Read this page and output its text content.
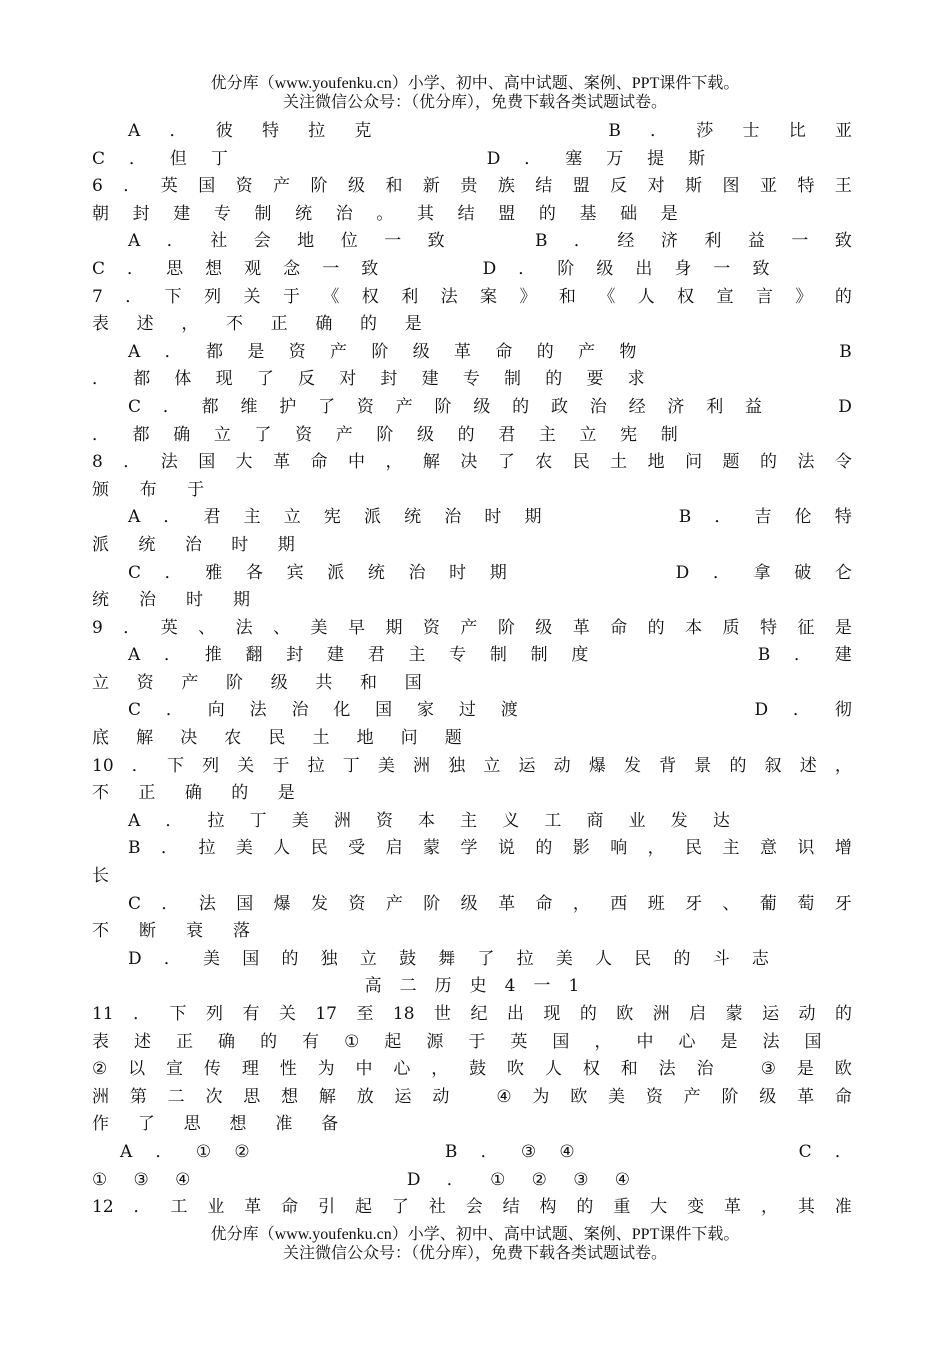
优分库（www.youfenku.cn）小学、初中、高中试题、案例、PPT课件下载。
关注微信公众号：（优分库），免费下载各类试题试卷。
A ． 彼 特 拉 克

	B ． 莎 士 比 亚
C ． 但 丁

	D ． 塞 万 提 斯

6 ． 英 国 资 产 阶 级 和 新 贵 族 结 盟 反 对 斯 图 亚 特 王
朝 封 建 专 制 统 治 。 其 结 盟 的 基 础 是

A ． 社 会 地 位 一 致

	B ． 经 济 利 益 一 致
C ． 思 想 观 念 一 致

	D ． 阶 级 出 身 一 致

7 ． 下 列 关 于 《 权 利 法 案 》 和 《 人 权 宣 言 》 的
表 述 ， 不 正 确 的 是

A ． 都 是 资 产 阶 级 革 命 的 产 物

	B
． 都 体 现 了 反 对 封 建 专 制 的 要 求

C ． 都 维 护 了 资 产 阶 级 的 政 治 经 济 利 益

	D
． 都 确 立 了 资 产 阶 级 的 君 主 立 宪 制

8 ． 法 国 大 革 命 中 ， 解 决 了 农 民 土 地 问 题 的 法 令
颁 布 于

A ． 君 主 立 宪 派 统 治 时 期

	B ． 吉 伦 特
派 统 治 时 期

C ． 雅 各 宾 派 统 治 时 期

	D ． 拿 破 仑
统 治 时 期

9 ． 英 、 法 、 美 早 期 资 产 阶 级 革 命 的 本 质 特 征 是
A ． 推 翻 封 建 君 主 专 制 制 度

	B ． 建
立 资 产 阶 级 共 和 国

C ． 向 法 治 化 国 家 过 渡

	D ． 彻
底 解 决 农 民 土 地 问 题

10 ． 下 列 关 于 拉 丁 美 洲 独 立 运 动 爆 发 背 景 的 叙 述 ，
不 正 确 的 是

A ． 拉 丁 美 洲 资 本 主 义 工 商 业 发 达

B ． 拉 美 人 民 受 启 蒙 学 说 的 影 响 ， 民 主 意 识 增
长

C ． 法 国 爆 发 资 产 阶 级 革 命 ， 西 班 牙 、 葡 萄 牙
不 断 衰 落

D ． 美 国 的 独 立 鼓 舞 了 拉 美 人 民 的 斗 志

高 二 历 史 4 一 1
11 ． 下 列 有 关 17 至 18 世 纪 出 现 的 欧 洲 启 蒙 运 动 的
表 述 正 确 的 有 ① 起 源 于 英 国 ， 中 心 是 法 国

② 以 宣 传 理 性 为 中 心 ， 鼓 吹 人 权 和 法 治
	③ 是 欧
洲 第 二 次 思 想 解 放 运 动
	④ 为 欧 美 资 产 阶 级 革 命
作 了 思 想 准 备

A ． ① ②

	B ． ③ ④

	C ．
① ③ ④

	D ． ① ② ③ ④

12 ． 工 业 革 命 引 起 了 社 会 结 构 的 重 大 变 革 ， 其 准
优分库（www.youfenku.cn）小学、初中、高中试题、案例、PPT课件下载。
关注微信公众号：（优分库），免费下载各类试题试卷。
